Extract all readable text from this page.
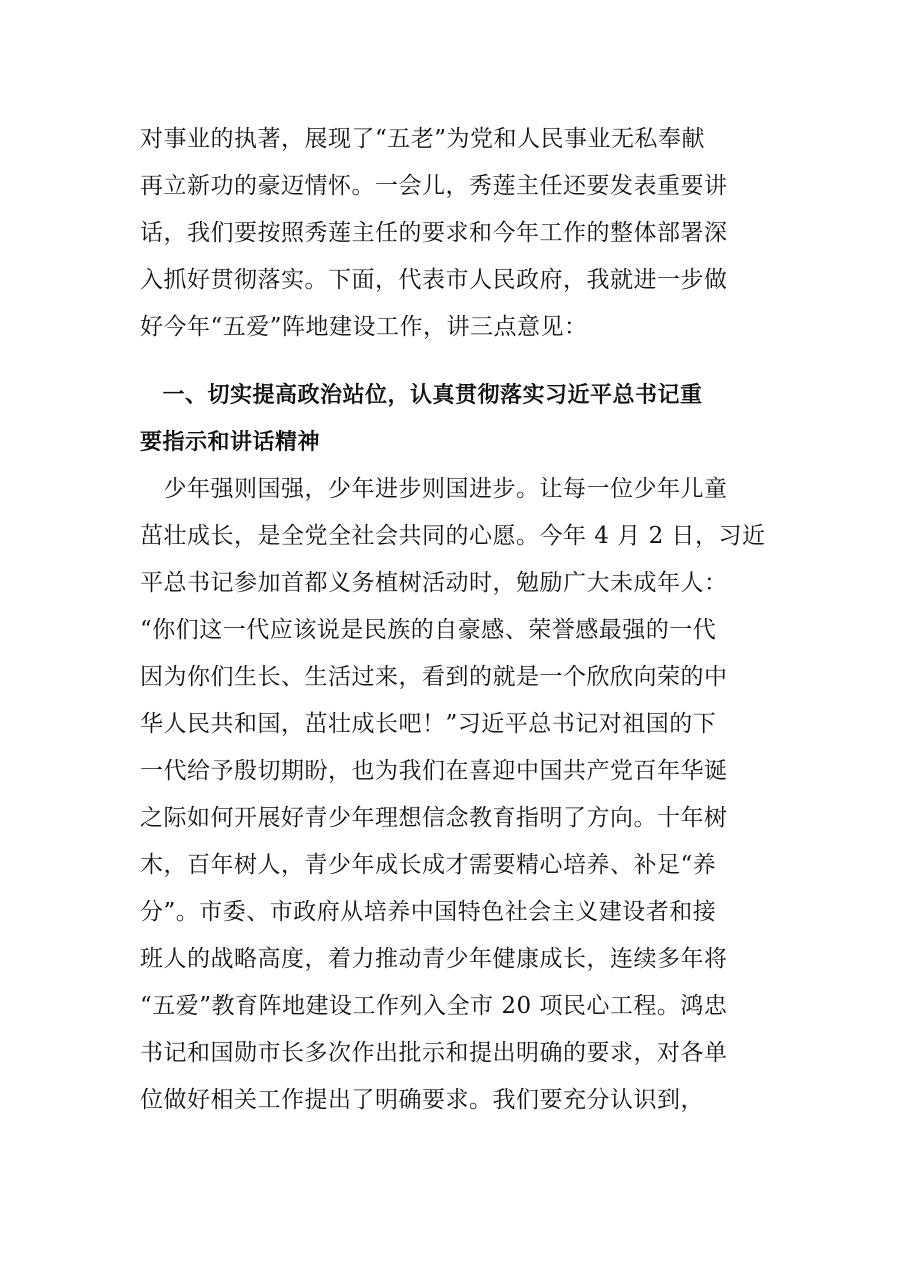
对事业的执著，展现了“五老”为党和人民事业无私奉献
再立新功的豪迈情怀。一会儿，秀莲主任还要发表重要讲
话，我们要按照秀莲主任的要求和今年工作的整体部署深
入抓好贯彻落实。下面，代表市人民政府，我就进一步做
好今年“五爱”阵地建设工作，讲三点意见：
　一、切实提高政治站位，认真贯彻落实习近平总书记重
要指示和讲话精神
　少年强则国强，少年进步则国进步。让每一位少年儿童
茁壮成长，是全党全社会共同的心愿。今年 4 月 2 日，习近
平总书记参加首都义务植树活动时，勉励广大未成年人：
“你们这一代应该说是民族的自豪感、荣誉感最强的一代
因为你们生长、生活过来，看到的就是一个欣欣向荣的中
华人民共和国，茁壮成长吧！”习近平总书记对祖国的下
一代给予殷切期盼，也为我们在喜迎中国共产党百年华诞
之际如何开展好青少年理想信念教育指明了方向。十年树
木，百年树人，青少年成长成才需要精心培养、补足“养
分”。市委、市政府从培养中国特色社会主义建设者和接
班人的战略高度，着力推动青少年健康成长，连续多年将
“五爱”教育阵地建设工作列入全市 20 项民心工程。鸿忠
书记和国勋市长多次作出批示和提出明确的要求，对各单
位做好相关工作提出了明确要求。我们要充分认识到，
